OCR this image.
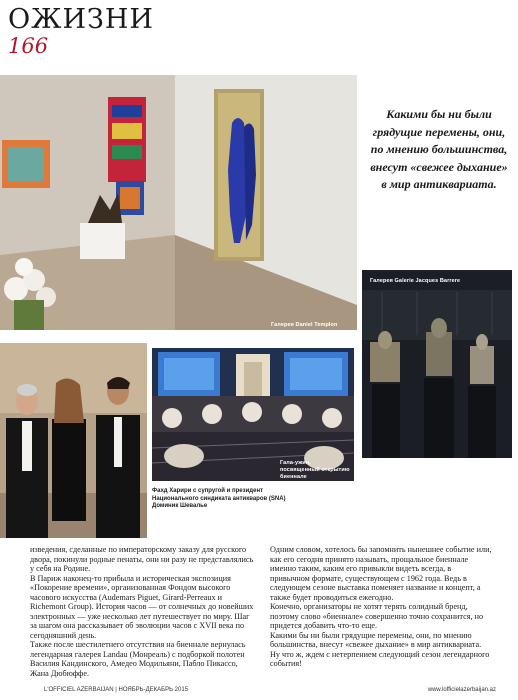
ОЖИЗНИ
166
Галерея Daniel Templon
Какими бы ни были грядущие перемены, они, по мнению большинства, внесут «свежее дыхание» в мир антиквариата.
Галерея Galerie Jacques Barrere
Гала-ужин, посвященный открытию биеннале
Фахд Харири с супругой и президент Национального синдиката антикваров (SNA) Доминик Шевалье

изведения, сделанные по императорскому заказу для русского двора, покинули родные пенаты, они ни разу не представлялись у себя на Родине.

В Париж наконец-то прибыла и историческая экспозиция «Покорение времени», организованная Фондом высокого часового искусства (Audemars Piguet, Girard-Perreaux и Richemont Group). История часов — от солнечных до новейших электронных — уже несколько лет путешествует по миру. Шаг за шагом она рассказывает об эволюции часов с XVII века по сегодняшний день.

Также после шестилетнего отсутствия на биеннале вернулась легендарная галерея Landau (Монреаль) с подборкой полотен Василия Кандинского, Амедео Модильяни, Пабло Пикассо, Жана Дюбюффе.

Одним словом, хотелось бы запомнить нынешнее событие или, как его сегодня принято называть, прощальное биеннале именно таким, каким его привыкли видеть всегда, в привычном формате, существующем с 1962 года. Ведь в следующем сезоне выставка поменяет название и концепт, а также будет проводиться ежегодно.

Конечно, организаторы не хотят терять солидный бренд, поэтому слово «биеннале» совершенно точно сохранится, но придется добавить что-то еще.

Какими бы ни были грядущие перемены, они, по мнению большинства, внесут «свежее дыхание» в мир антиквариата.

Ну что ж, ждем с нетерпением следующий сезон легендарного события!

L'OFFICIEL AZERBAIJAN | НОЯБРЬ-ДЕКАБРЬ 2015	www.lofficielazerbaijan.az
